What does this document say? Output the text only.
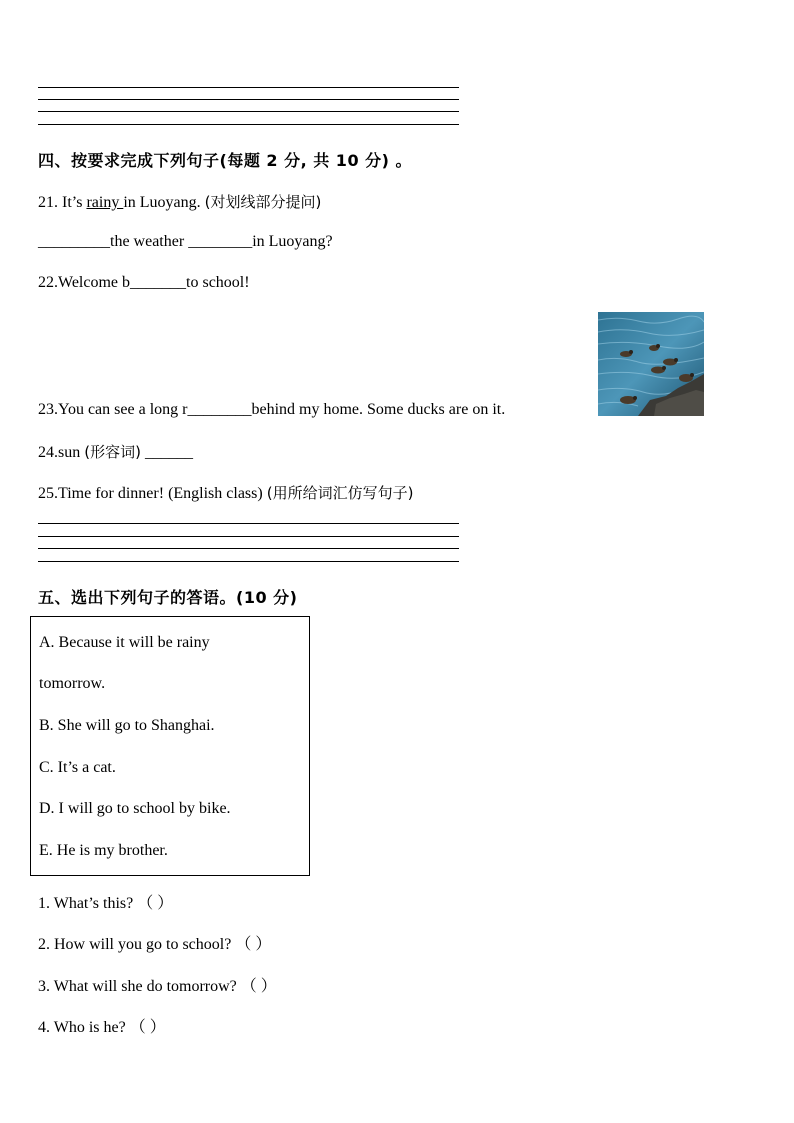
四、按要求完成下列句子(每题 2 分, 共 10 分) 。
21. It’s rainy in Luoyang. (对划线部分提问)
_________the weather ________in Luoyang?
22.Welcome b_______to school!
23.You can see a long r________behind my home. Some ducks are on it.
24.sun (形容词) ______
25.Time for dinner! (English class) (用所给词汇仿写句子)
五、选出下列句子的答语。(10 分)
A. Because it will be rainy
tomorrow.
B. She will go to Shanghai.
C. It’s a cat.
D. I will go to school by bike.
E. He is my brother.
1. What’s this? （ ）
2. How will you go to school? （ ）
3. What will she do tomorrow? （ ）
4. Who is he? （ ）
